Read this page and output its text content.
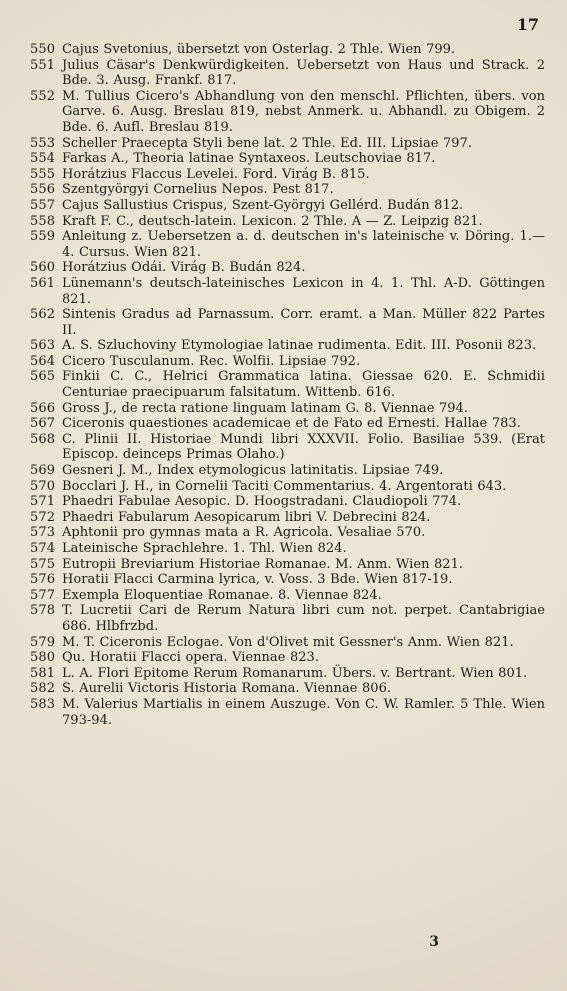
17
550 Cajus Svetonius, übersetzt von Osterlag. 2 Thle. Wien 799.
551 Julius Cäsar's Denkwürdigkeiten. Uebersetzt von Haus und Strack. 2 Bde. 3. Ausg. Frankf. 817.
552 M. Tullius Cicero's Abhandlung von den menschl. Pflichten, übers. von Garve. 6. Ausg. Breslau 819, nebst Anmerk. u. Abhandl. zu Obigem. 2 Bde. 6. Aufl. Breslau 819.
553 Scheller Praecepta Styli bene lat. 2 Thle. Ed. III. Lipsiae 797.
554 Farkas A., Theoria latinae Syntaxeos. Leutschoviae 817.
555 Horátzius Flaccus Levelei. Ford. Virág B. 815.
556 Szentgyörgyi Cornelius Nepos. Pest 817.
557 Cajus Sallustius Crispus, Szent-Györgyi Gellérd. Budán 812.
558 Kraft F. C., deutsch-latein. Lexicon. 2 Thle. A — Z. Leipzig 821.
559 Anleitung z. Uebersetzen a. d. deutschen in's lateinische v. Döring. 1.—4. Cursus. Wien 821.
560 Horátzius Odái. Virág B. Budán 824.
561 Lünemann's deutsch-lateinisches Lexicon in 4. 1. Thl. A-D. Göttingen 821.
562 Sintenis Gradus ad Parnassum. Corr. eramt. a Man. Müller 822 Partes II.
563 A. S. Szluchoviny Etymologiae latinae rudimenta. Edit. III. Posonii 823.
564 Cicero Tusculanum. Rec. Wolfii. Lipsiae 792.
565 Finkii C. C., Helrici Grammatica latina. Giessae 620. E. Schmidii Centuriae praecipuarum falsitatum. Wittenb. 616.
566 Gross J., de recta ratione linguam latinam G. 8. Viennae 794.
567 Ciceronis quaestiones academicae et de Fato ed Ernesti. Hallae 783.
568 C. Plinii II. Historiae Mundi libri XXXVII. Folio. Basiliae 539. (Erat Episcop. deinceps Primas Olaho.)
569 Gesneri J. M., Index etymologicus latinitatis. Lipsiae 749.
570 Bocclari J. H., in Cornelii Taciti Commentarius. 4. Argentorati 643.
571 Phaedri Fabulae Aesopic. D. Hoogstradani. Claudiopoli 774.
572 Phaedri Fabularum Aesopicarum libri V. Debrecini 824.
573 Aphtonii pro gymnas mata a R. Agricola. Vesaliae 570.
574 Lateinische Sprachlehre. 1. Thl. Wien 824.
575 Eutropii Breviarium Historiae Romanae. M. Anm. Wien 821.
576 Horatii Flacci Carmina lyrica, v. Voss. 3 Bde. Wien 817-19.
577 Exempla Eloquentiae Romanae. 8. Viennae 824.
578 T. Lucretii Cari de Rerum Natura libri cum not. perpet. Cantabrigiae 686. Hlbfrzbd.
579 M. T. Ciceronis Eclogae. Von d'Olivet mit Gessner's Anm. Wien 821.
580 Qu. Horatii Flacci opera. Viennae 823.
581 L. A. Flori Epitome Rerum Romanarum. Übers. v. Bertrant. Wien 801.
582 S. Aurelii Victoris Historia Romana. Viennae 806.
583 M. Valerius Martialis in einem Auszuge. Von C. W. Ramler. 5 Thle. Wien 793-94.
3
